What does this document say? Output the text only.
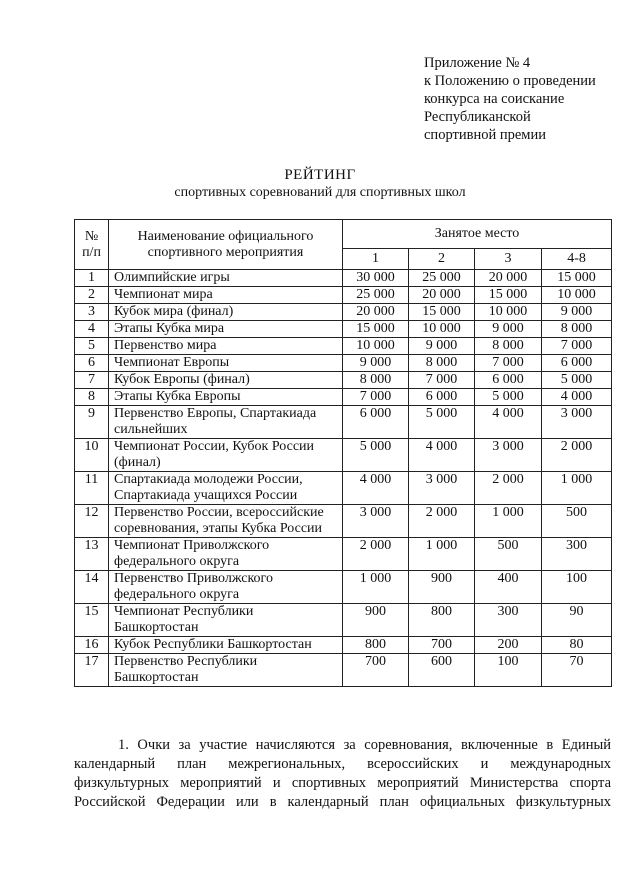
Приложение № 4
к Положению о проведении
конкурса на соискание
Республиканской
спортивной премии
РЕЙТИНГ
спортивных соревнований для спортивных школ
№ п/п	Наименование официального спортивного мероприятия	Занятое место			
		1	2	3	4-8
1	Олимпийские игры	30 000	25 000	20 000	15 000
2	Чемпионат мира	25 000	20 000	15 000	10 000
3	Кубок мира (финал)	20 000	15 000	10 000	9 000
4	Этапы Кубка мира	15 000	10 000	9 000	8 000
5	Первенство мира	10 000	9 000	8 000	7 000
6	Чемпионат Европы	9 000	8 000	7 000	6 000
7	Кубок Европы (финал)	8 000	7 000	6 000	5 000
8	Этапы Кубка Европы	7 000	6 000	5 000	4 000
9	Первенство Европы, Спартакиада сильнейших	6 000	5 000	4 000	3 000
10	Чемпионат России, Кубок России (финал)	5 000	4 000	3 000	2 000
11	Спартакиада молодежи России, Спартакиада учащихся России	4 000	3 000	2 000	1 000
12	Первенство России, всероссийские соревнования, этапы Кубка России	3 000	2 000	1 000	500
13	Чемпионат Приволжского федерального округа	2 000	1 000	500	300
14	Первенство Приволжского федерального округа	1 000	900	400	100
15	Чемпионат Республики Башкортостан	900	800	300	90
16	Кубок Республики Башкортостан	800	700	200	80
17	Первенство Республики Башкортостан	700	600	100	70
1. Очки за участие начисляются за соревнования, включенные в Единый
календарный план межрегиональных, всероссийских и международных
физкультурных мероприятий и спортивных мероприятий Министерства спорта
Российской Федерации или в календарный план официальных физкультурных
